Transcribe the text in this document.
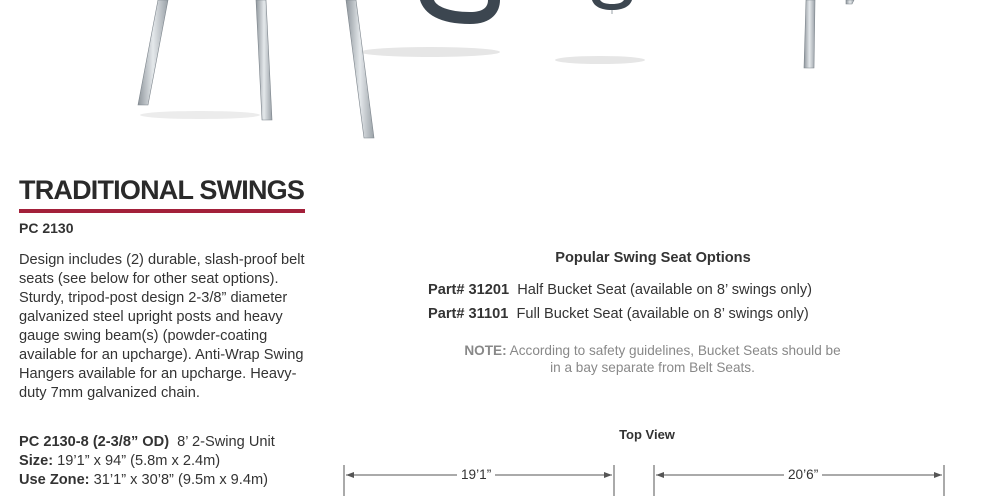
TRADITIONAL SWINGS
PC 2130
Design includes (2) durable, slash-proof belt seats (see below for other seat options). Sturdy, tripod-post design 2-3/8” diameter galvanized steel upright posts and heavy gauge swing beam(s) (powder-coating available for an upcharge). Anti-Wrap Swing Hangers available for an upcharge. Heavy-duty 7mm galvanized chain.
PC 2130-8 (2-3/8” OD) 8’ 2-Swing Unit
Size: 19’1” x 94” (5.8m x 2.4m)
Use Zone: 31’1” x 30’8” (9.5m x 9.4m)
Popular Swing Seat Options
Part# 31201 Half Bucket Seat (available on 8’ swings only)
Part# 31101 Full Bucket Seat (available on 8’ swings only)
NOTE: According to safety guidelines, Bucket Seats should be in a bay separate from Belt Seats.
Top View
19’1”	20’6”
